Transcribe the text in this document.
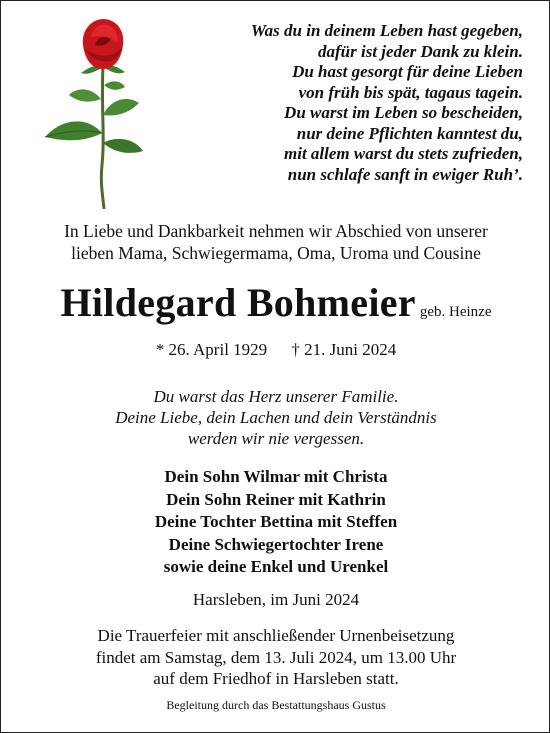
Was du in deinem Leben hast gegeben,
dafür ist jeder Dank zu klein.
Du hast gesorgt für deine Lieben
von früh bis spät, tagaus tagein.
Du warst im Leben so bescheiden,
nur deine Pflichten kanntest du,
mit allem warst du stets zufrieden,
nun schlafe sanft in ewiger Ruh’.
In Liebe und Dankbarkeit nehmen wir Abschied von unserer
lieben Mama, Schwiegermama, Oma, Uroma und Cousine
Hildegard Bohmeier geb. Heinze
* 26. April 1929 † 21. Juni 2024
Du warst das Herz unserer Familie.
Deine Liebe, dein Lachen und dein Verständnis
werden wir nie vergessen.
Dein Sohn Wilmar mit Christa
Dein Sohn Reiner mit Kathrin
Deine Tochter Bettina mit Steffen
Deine Schwiegertochter Irene
sowie deine Enkel und Urenkel
Harsleben, im Juni 2024
Die Trauerfeier mit anschließender Urnenbeisetzung
findet am Samstag, dem 13. Juli 2024, um 13.00 Uhr
auf dem Friedhof in Harsleben statt.
Begleitung durch das Bestattungshaus Gustus
